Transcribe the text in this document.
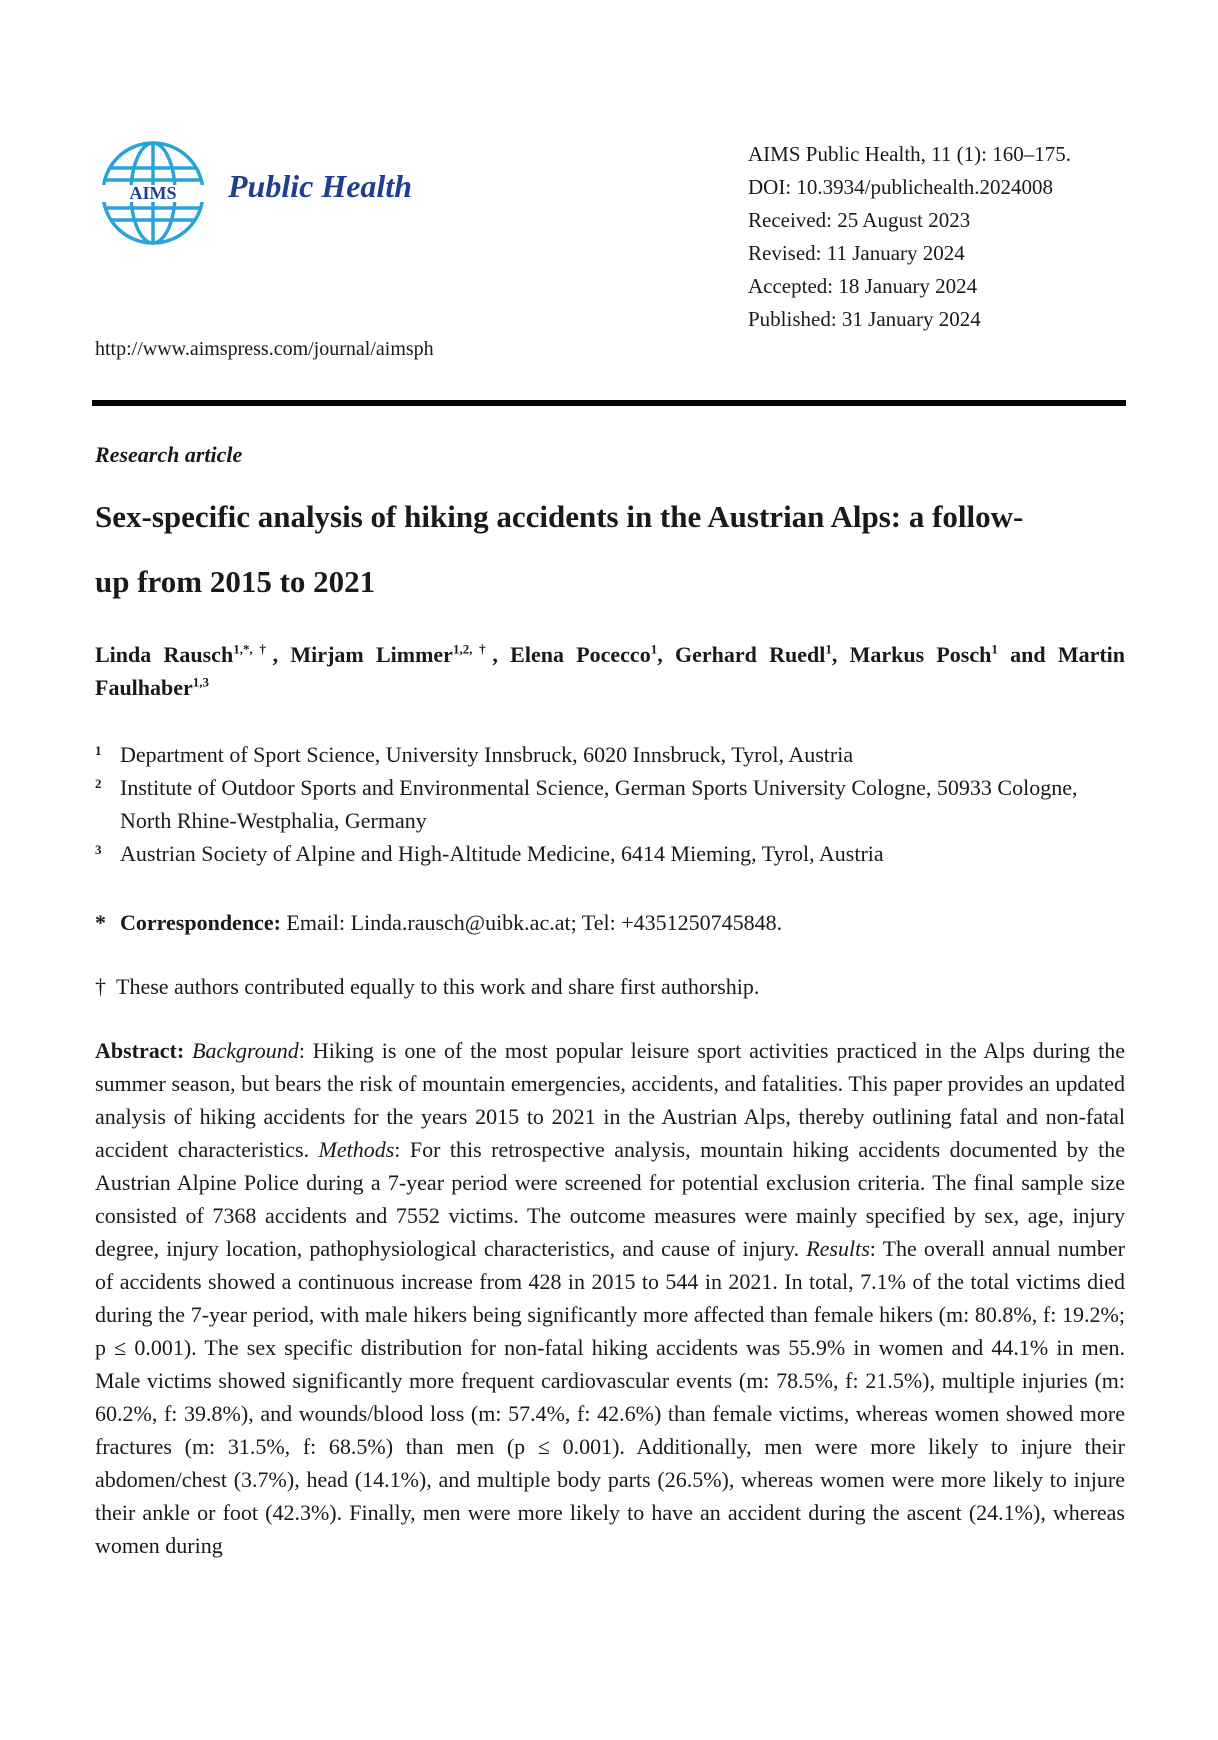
AIMS Public Health
AIMS Public Health, 11 (1): 160–175.
DOI: 10.3934/publichealth.2024008
Received: 25 August 2023
Revised: 11 January 2024
Accepted: 18 January 2024
Published: 31 January 2024
http://www.aimspress.com/journal/aimsph
Research article
Sex-specific analysis of hiking accidents in the Austrian Alps: a follow-
up from 2015 to 2021
Linda Rausch$^{1,*,\dagger}$, Mirjam Limmer$^{1,2,\dagger}$, Elena Pocecco$^1$, Gerhard Ruedl$^1$, Markus Posch$^1$ and Martin Faulhaber$^{1,3}$
1 Department of Sport Science, University Innsbruck, 6020 Innsbruck, Tyrol, Austria
2 Institute of Outdoor Sports and Environmental Science, German Sports University Cologne, 50933 Cologne, North Rhine-Westphalia, Germany
3 Austrian Society of Alpine and High-Altitude Medicine, 6414 Mieming, Tyrol, Austria
* Correspondence: Email: Linda.rausch@uibk.ac.at; Tel: +4351250745848.
† These authors contributed equally to this work and share first authorship.
Abstract: Background: Hiking is one of the most popular leisure sport activities practiced in the Alps during the summer season, but bears the risk of mountain emergencies, accidents, and fatalities. This paper provides an updated analysis of hiking accidents for the years 2015 to 2021 in the Austrian Alps, thereby outlining fatal and non-fatal accident characteristics. Methods: For this retrospective analysis, mountain hiking accidents documented by the Austrian Alpine Police during a 7-year period were screened for potential exclusion criteria. The final sample size consisted of 7368 accidents and 7552 victims. The outcome measures were mainly specified by sex, age, injury degree, injury location, pathophysiological characteristics, and cause of injury. Results: The overall annual number of accidents showed a continuous increase from 428 in 2015 to 544 in 2021. In total, 7.1% of the total victims died during the 7-year period, with male hikers being significantly more affected than female hikers (m: 80.8%, f: 19.2%; p ≤ 0.001). The sex specific distribution for non-fatal hiking accidents was 55.9% in women and 44.1% in men. Male victims showed significantly more frequent cardiovascular events (m: 78.5%, f: 21.5%), multiple injuries (m: 60.2%, f: 39.8%), and wounds/blood loss (m: 57.4%, f: 42.6%) than female victims, whereas women showed more fractures (m: 31.5%, f: 68.5%) than men (p ≤ 0.001). Additionally, men were more likely to injure their abdomen/chest (3.7%), head (14.1%), and multiple body parts (26.5%), whereas women were more likely to injure their ankle or foot (42.3%). Finally, men were more likely to have an accident during the ascent (24.1%), whereas women during
